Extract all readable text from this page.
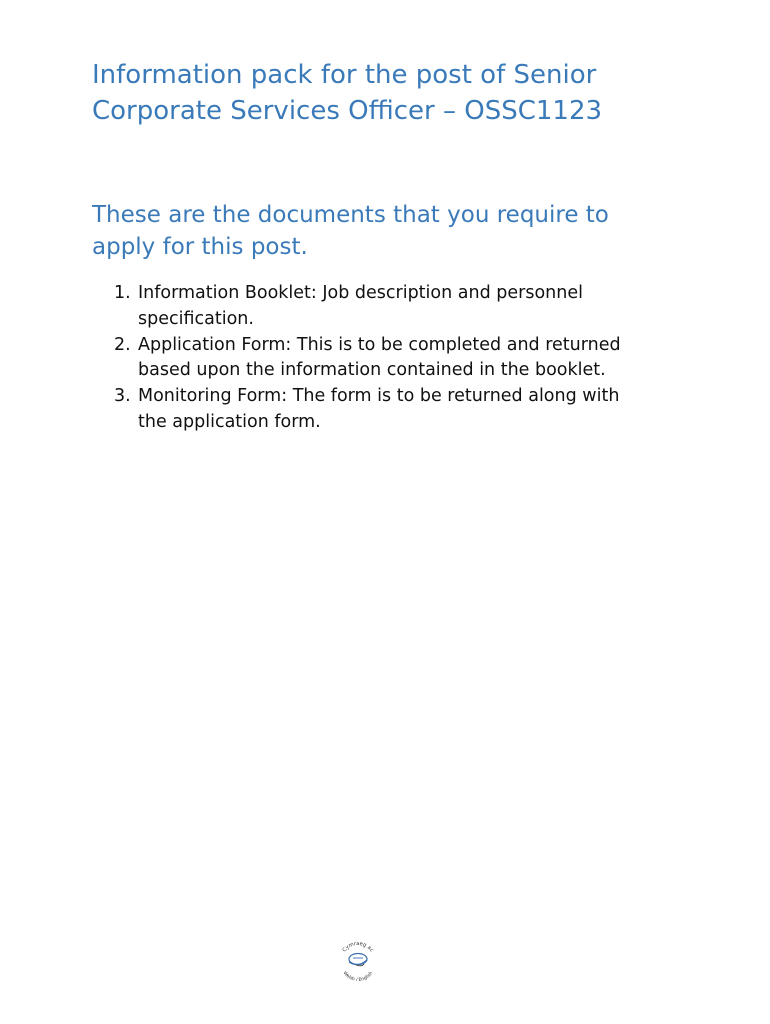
Information pack for the post of Senior Corporate Services Officer – OSSC1123
These are the documents that you require to apply for this post.
1. Information Booklet: Job description and personnel specification.
2. Application Form: This is to be completed and returned based upon the information contained in the booklet.
3. Monitoring Form: The form is to be returned along with the application form.
Cymraeg ac
Welsh / English
